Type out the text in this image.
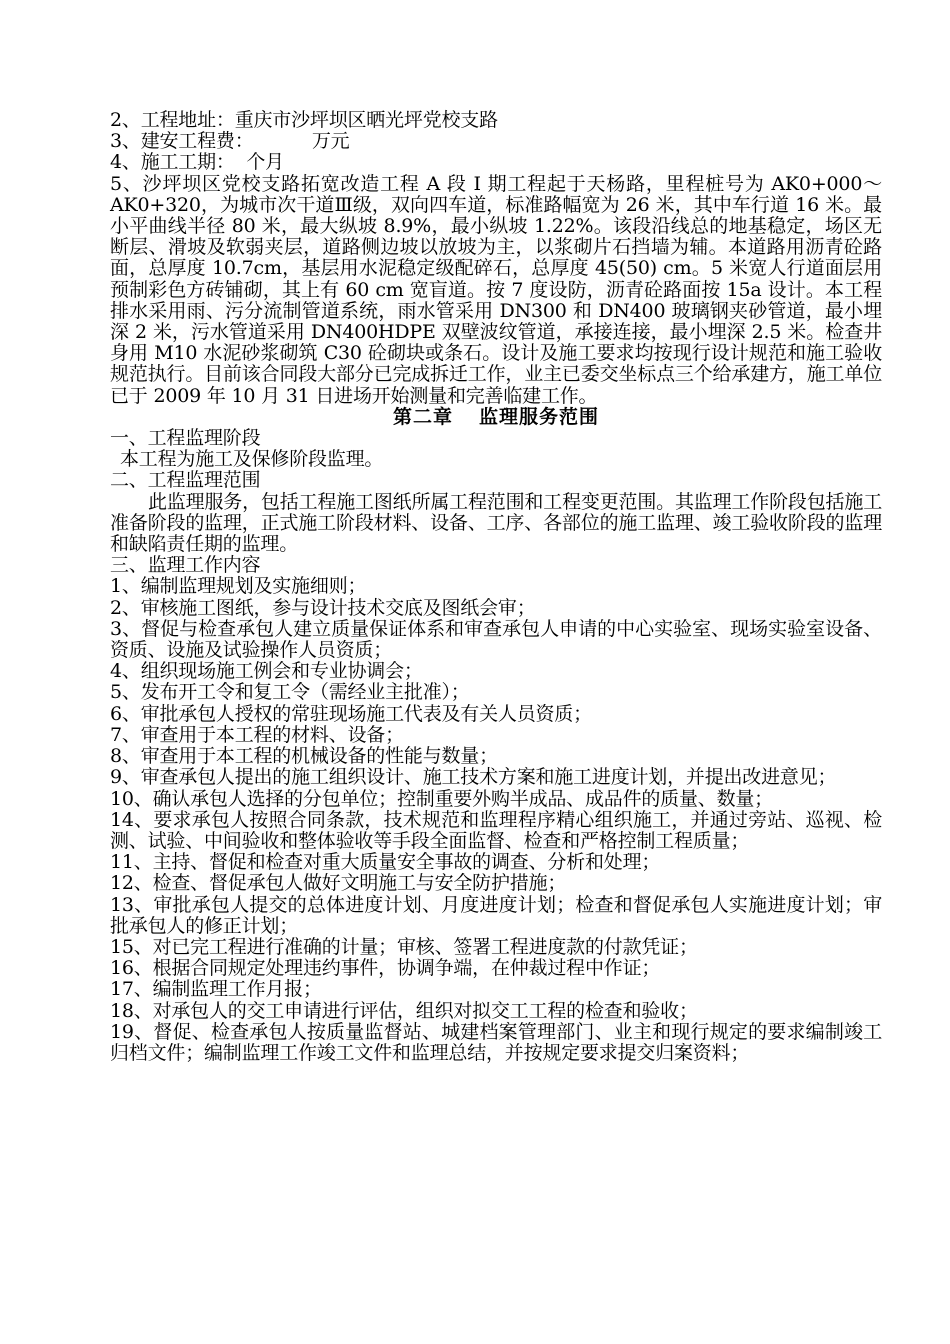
2、工程地址：重庆市沙坪坝区晒光坪党校支路

3、建安工程费：          万元

4、施工工期：  个月

5、沙坪坝区党校支路拓宽改造工程 A 段 I 期工程起于天杨路，里程桩号为 AK0+000～AK0+320，为城市次干道Ⅲ级，双向四车道，标准路幅宽为 26 米，其中车行道 16 米。最小平曲线半径 80 米，最大纵坡 8.9%，最小纵坡 1.22%。该段沿线总的地基稳定，场区无断层、滑坡及软弱夹层，道路侧边坡以放坡为主，以浆砌片石挡墙为辅。本道路用沥青砼路面，总厚度 10.7cm，基层用水泥稳定级配碎石，总厚度 45(50) cm。5 米宽人行道面层用预制彩色方砖铺砌，其上有 60 cm 宽盲道。按 7 度设防，沥青砼路面按 15a 设计。本工程排水采用雨、污分流制管道系统，雨水管采用 DN300 和 DN400 玻璃钢夹砂管道，最小埋深 2 米，污水管道采用 DN400HDPE 双壁波纹管道，承接连接，最小埋深 2.5 米。检查井身用 M10 水泥砂浆砌筑 C30 砼砌块或条石。设计及施工要求均按现行设计规范和施工验收规范执行。目前该合同段大部分已完成拆迁工作，业主已委交坐标点三个给承建方，施工单位已于 2009 年 10 月 31 日进场开始测量和完善临建工作。

第二章 监理服务范围

一、工程监理阶段

本工程为施工及保修阶段监理。

二、工程监理范围

此监理服务，包括工程施工图纸所属工程范围和工程变更范围。其监理工作阶段包括施工准备阶段的监理，正式施工阶段材料、设备、工序、各部位的施工监理、竣工验收阶段的监理和缺陷责任期的监理。

三、监理工作内容

1、编制监理规划及实施细则；

2、审核施工图纸，参与设计技术交底及图纸会审；

3、督促与检查承包人建立质量保证体系和审查承包人申请的中心实验室、现场实验室设备、资质、设施及试验操作人员资质；

4、组织现场施工例会和专业协调会；

5、发布开工令和复工令（需经业主批准）；

6、审批承包人授权的常驻现场施工代表及有关人员资质；

7、审查用于本工程的材料、设备；

8、审查用于本工程的机械设备的性能与数量；

9、审查承包人提出的施工组织设计、施工技术方案和施工进度计划，并提出改进意见；

10、确认承包人选择的分包单位；控制重要外购半成品、成品件的质量、数量；

14、要求承包人按照合同条款，技术规范和监理程序精心组织施工，并通过旁站、巡视、检测、试验、中间验收和整体验收等手段全面监督、检查和严格控制工程质量；

11、主持、督促和检查对重大质量安全事故的调查、分析和处理；

12、检查、督促承包人做好文明施工与安全防护措施；

13、审批承包人提交的总体进度计划、月度进度计划；检查和督促承包人实施进度计划；审批承包人的修正计划；

15、对已完工程进行准确的计量；审核、签署工程进度款的付款凭证；

16、根据合同规定处理违约事件，协调争端，在仲裁过程中作证；

17、编制监理工作月报；

18、对承包人的交工申请进行评估，组织对拟交工工程的检查和验收；

19、督促、检查承包人按质量监督站、城建档案管理部门、业主和现行规定的要求编制竣工归档文件；编制监理工作竣工文件和监理总结，并按规定要求提交归案资料；
